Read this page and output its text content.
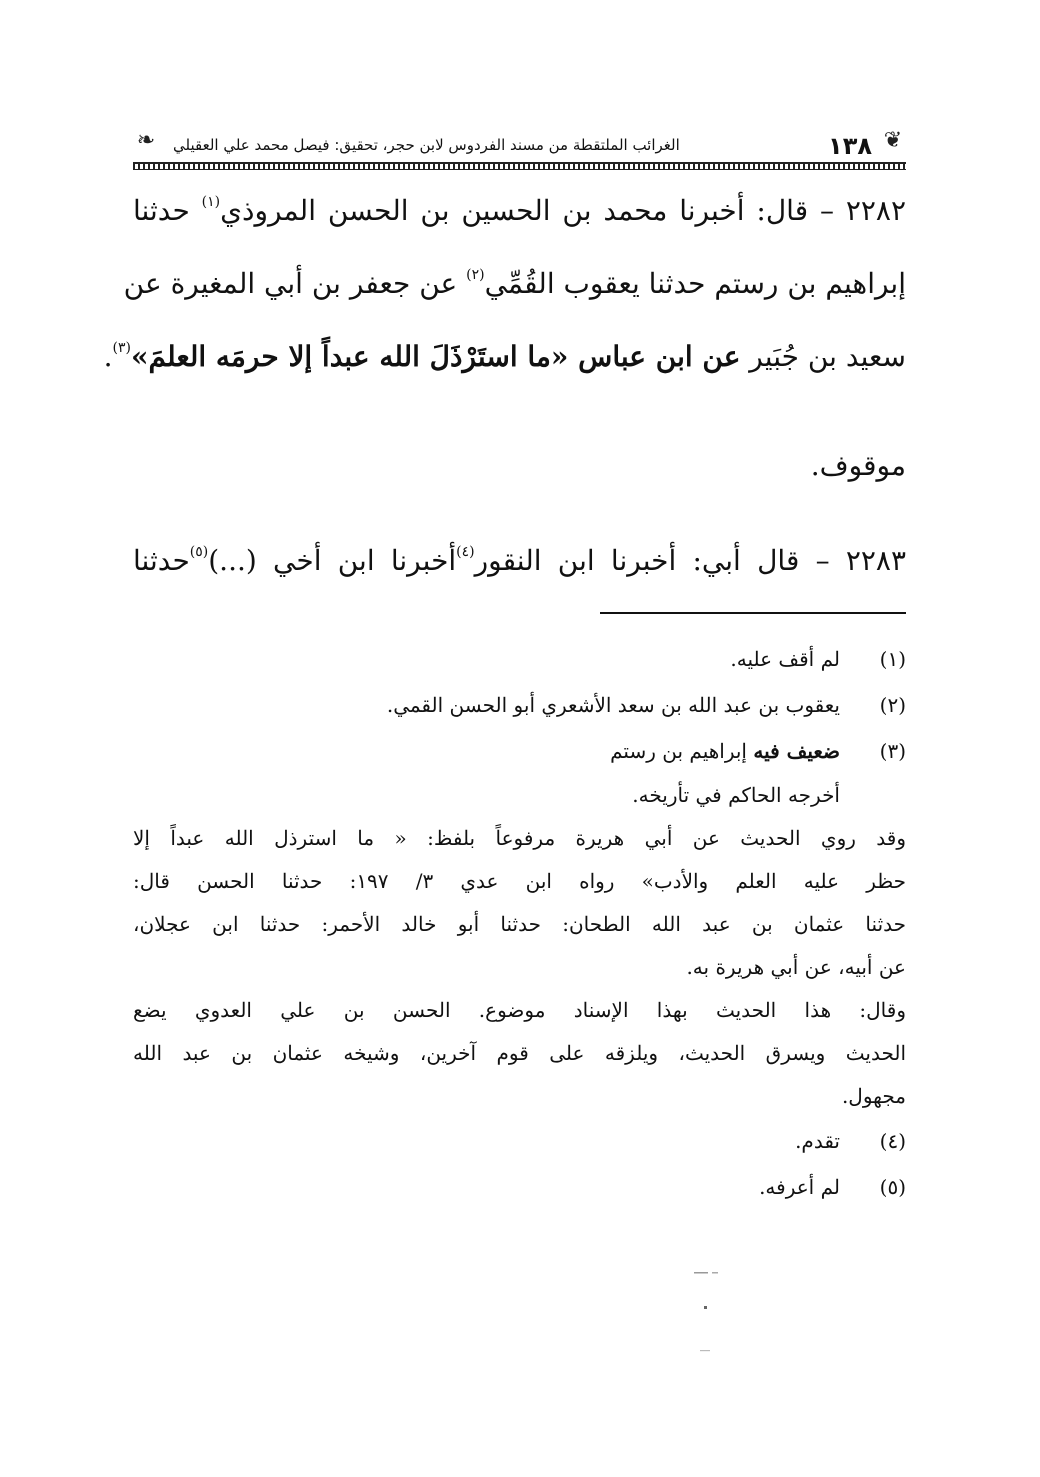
❦
١٣٨
الغرائب الملتقطة من مسند الفردوس لابن حجر، تحقيق: فيصل محمد علي العقيلي
❧
٢٢٨٢ – قال: أخبرنا محمد بن الحسين بن الحسن المروذي$^{(١)}$ حدثنا
إبراهيم بن رستم حدثنا يعقوب القُمِّي$^{(٢)}$ عن جعفر بن أبي المغيرة عن
سعيد بن جُبَير عن ابن عباس «ما استَرْذَلَ الله عبداً إلا حرمَه العلمَ»$^{(٣)}$.
موقوف.
٢٢٨٣ – قال أبي: أخبرنا ابن النقور$^{(٤)}$أخبرنا ابن أخي (...)$^{(٥)}$حدثنا
(١)
لم أقف عليه.
(٢)
يعقوب بن عبد الله بن سعد الأشعري أبو الحسن القمي.
(٣)
ضعيف فيه إبراهيم بن رستم
أخرجه الحاكم في تأريخه.
وقد روي الحديث عن أبي هريرة مرفوعاً بلفظ: « ما استرذل الله عبداً إلا
حظر عليه العلم والأدب» رواه ابن عدي ٣/ ١٩٧: حدثنا الحسن قال:
حدثنا عثمان بن عبد الله الطحان: حدثنا أبو خالد الأحمر: حدثنا ابن عجلان،
عن أبيه، عن أبي هريرة به.
وقال: هذا الحديث بهذا الإسناد موضوع. الحسن بن علي العدوي يضع
الحديث ويسرق الحديث، ويلزقه على قوم آخرين، وشيخه عثمان بن عبد الله
مجهول.
(٤)
تقدم.
(٥)
لم أعرفه.
